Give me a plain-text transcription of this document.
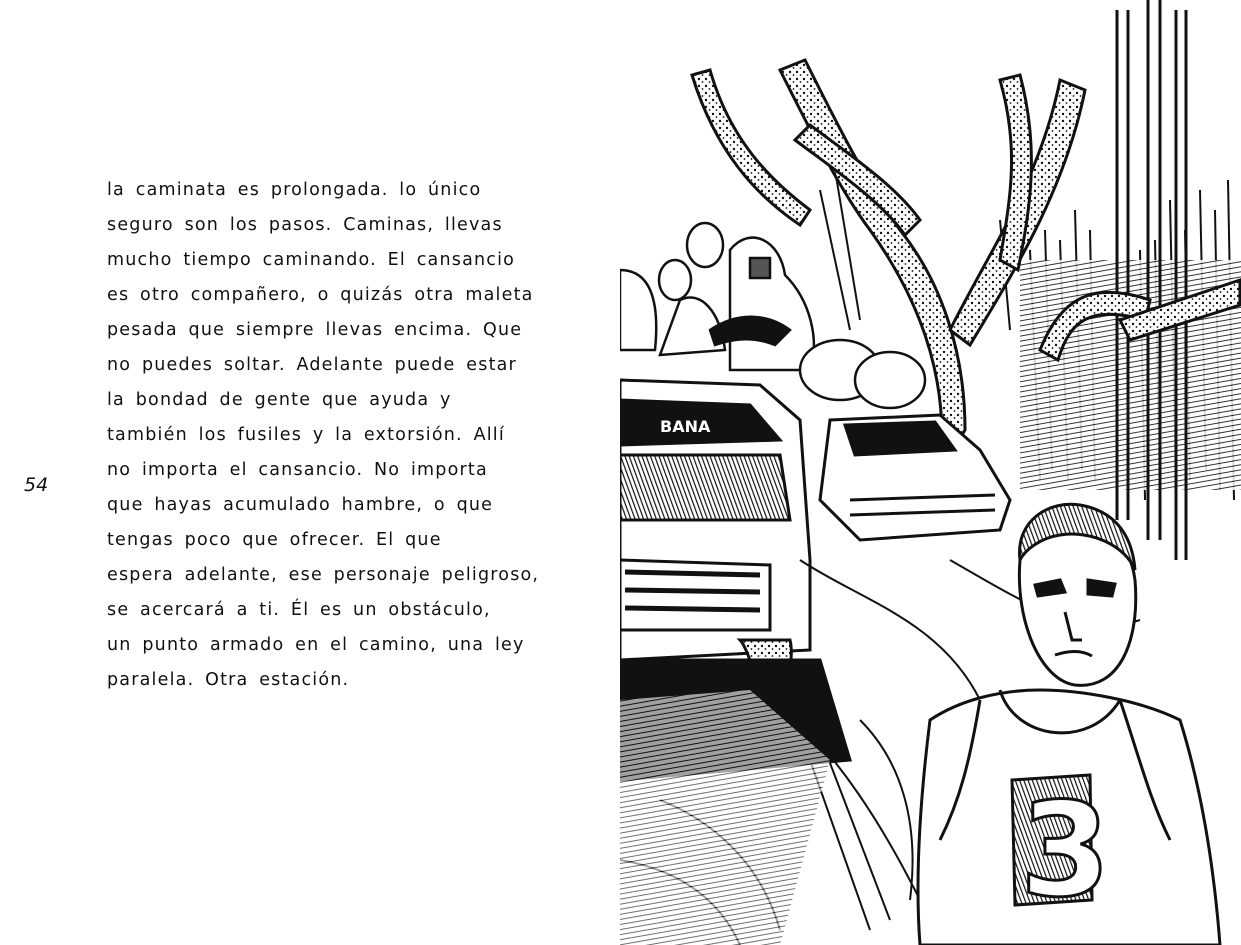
54
la caminata es prolongada. lo único
seguro son los pasos. Caminas, llevas
mucho tiempo caminando. El cansancio
es otro compañero, o quizás otra maleta
pesada que siempre llevas encima. Que
no puedes soltar. Adelante puede estar
la bondad de gente que ayuda y
también los fusiles y la extorsión. Allí
no importa el cansancio. No importa
que hayas acumulado hambre, o que
tengas poco que ofrecer. El que
espera adelante, ese personaje peligroso,
se acercará a ti. Él es un obstáculo,
un punto armado en el camino, una ley
paralela. Otra estación.
BANA
3
